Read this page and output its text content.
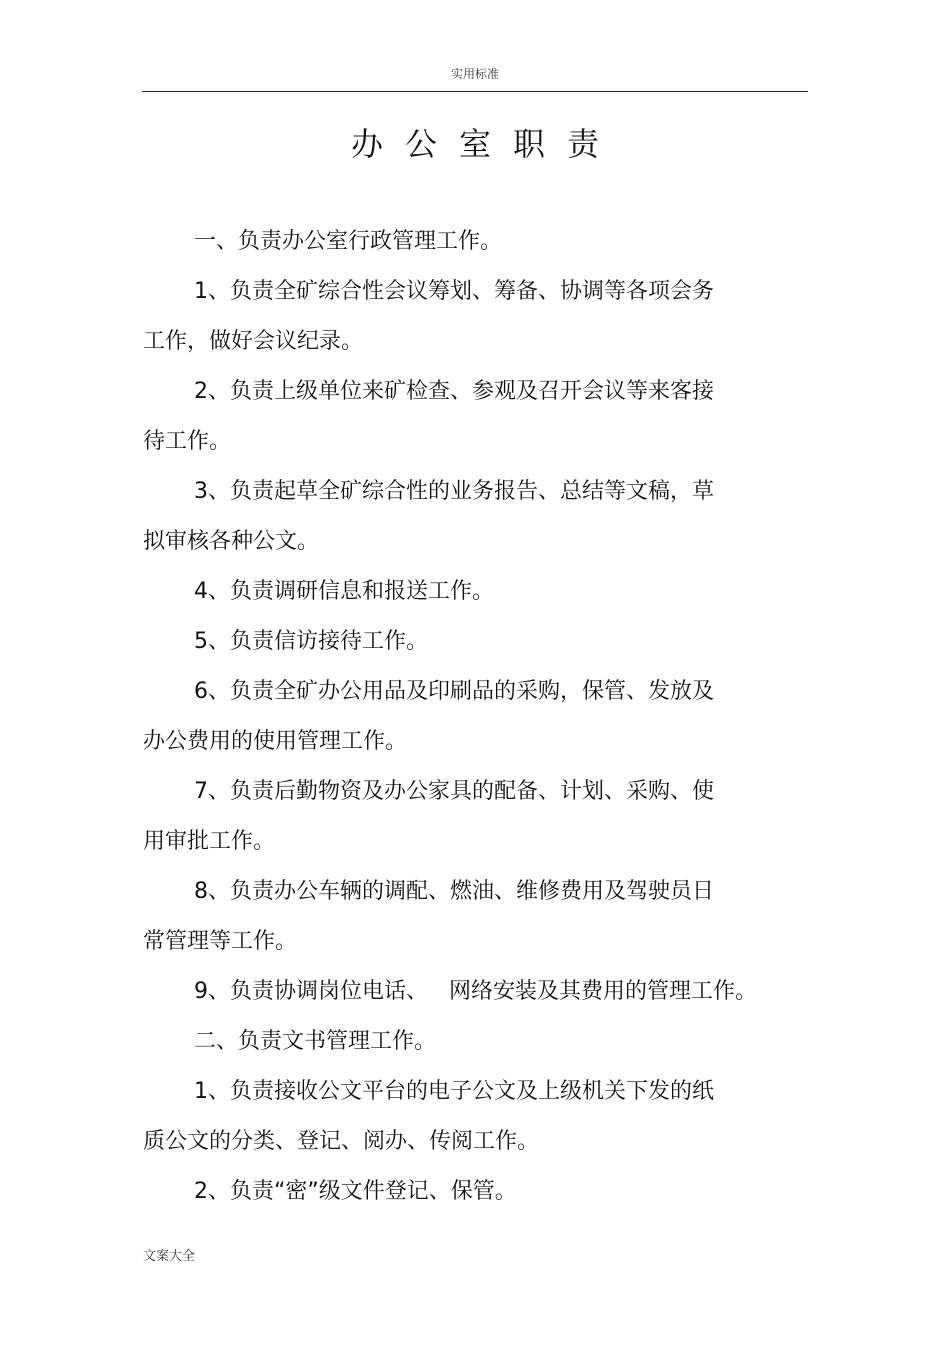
实用标准
办公室职责
一、负责办公室行政管理工作。
1、负责全矿综合性会议筹划、筹备、协调等各项会务
工作，做好会议纪录。
2、负责上级单位来矿检查、参观及召开会议等来客接
待工作。
3、负责起草全矿综合性的业务报告、总结等文稿，草
拟审核各种公文。
4、负责调研信息和报送工作。
5、负责信访接待工作。
6、负责全矿办公用品及印刷品的采购，保管、发放及
办公费用的使用管理工作。
7、负责后勤物资及办公家具的配备、计划、采购、使
用审批工作。
8、负责办公车辆的调配、燃油、维修费用及驾驶员日
常管理等工作。
9、负责协调岗位电话、   网络安装及其费用的管理工作。
二、负责文书管理工作。
1、负责接收公文平台的电子公文及上级机关下发的纸
质公文的分类、登记、阅办、传阅工作。
2、负责“密”级文件登记、保管。
文案大全
